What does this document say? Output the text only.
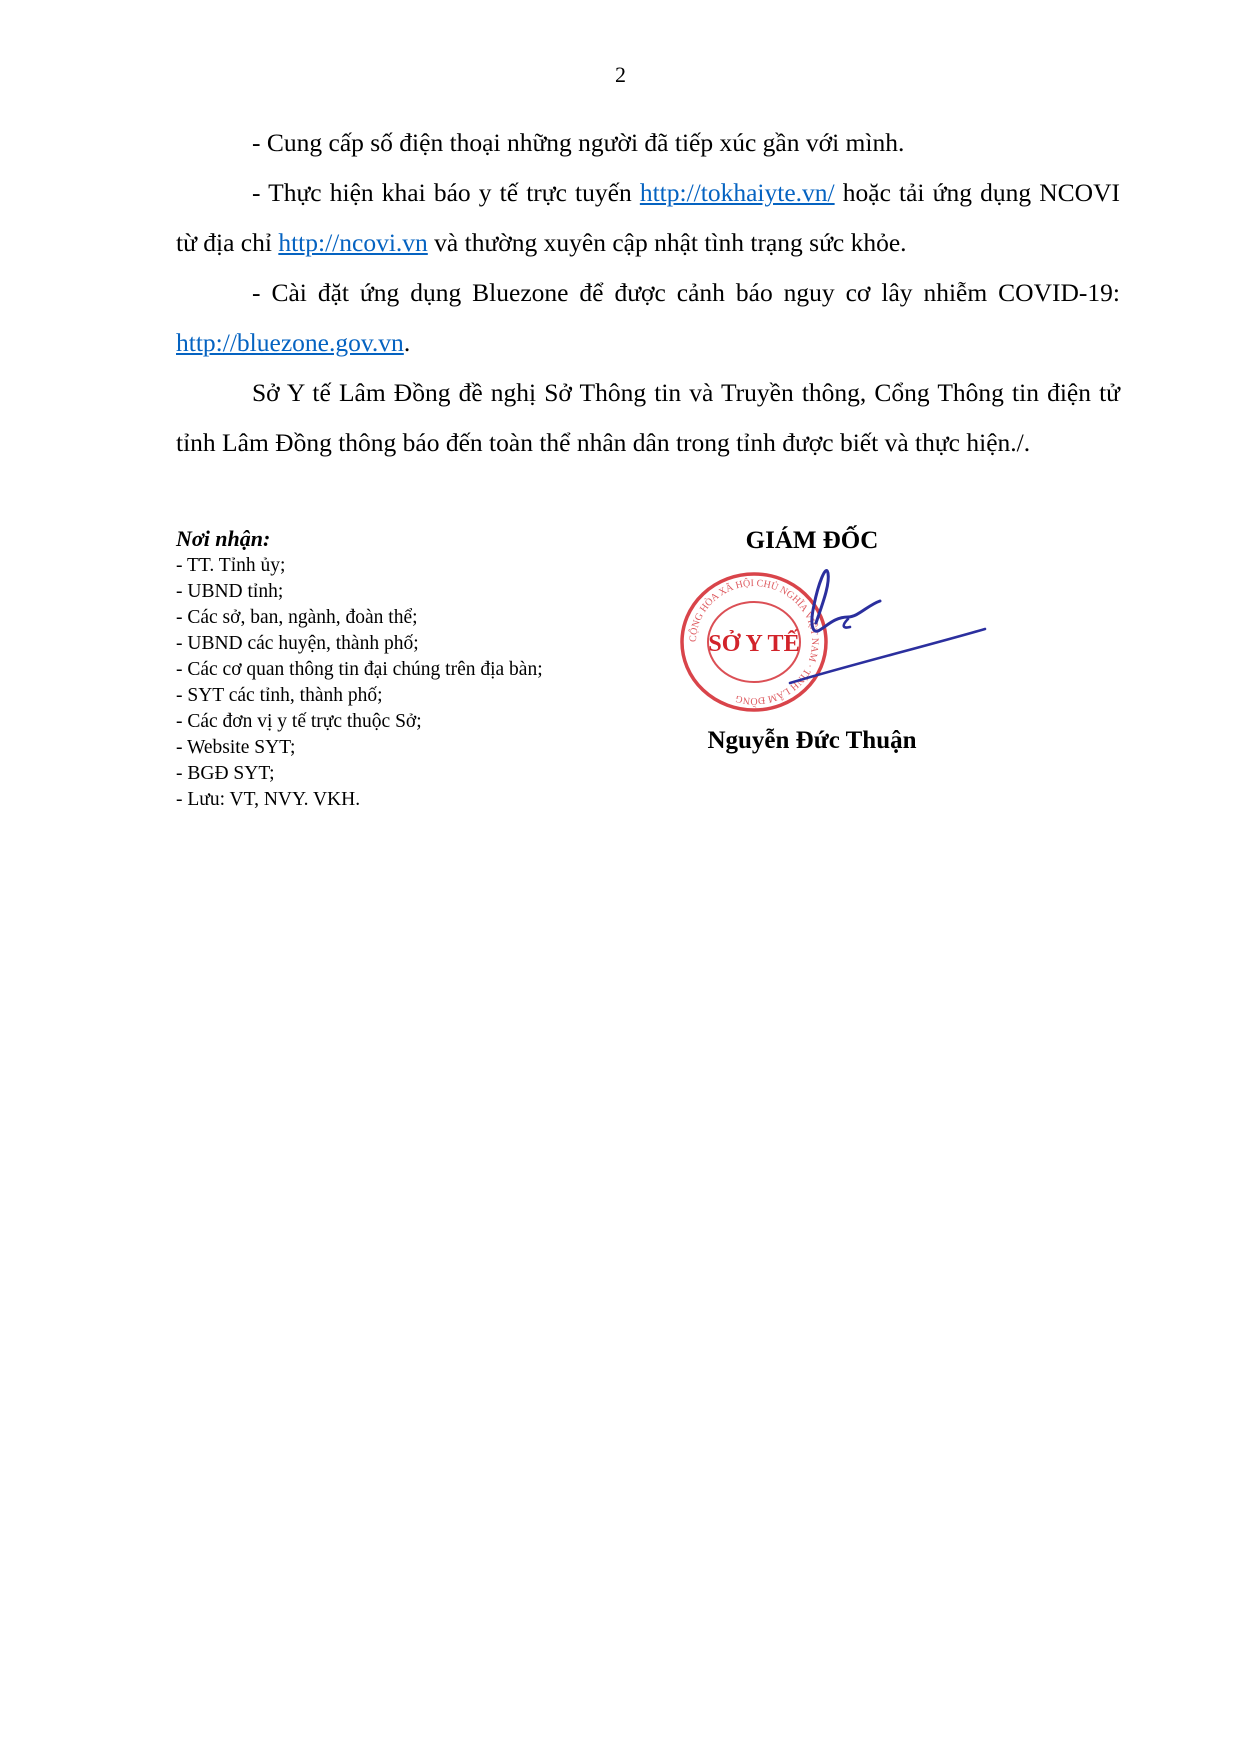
2

- Cung cấp số điện thoại những người đã tiếp xúc gần với mình.

- Thực hiện khai báo y tế trực tuyến http://tokhaiyte.vn/ hoặc tải ứng dụng NCOVI từ địa chỉ http://ncovi.vn và thường xuyên cập nhật tình trạng sức khỏe.

- Cài đặt ứng dụng Bluezone để được cảnh báo nguy cơ lây nhiễm COVID-19: http://bluezone.gov.vn.

Sở Y tế Lâm Đồng đề nghị Sở Thông tin và Truyền thông, Cổng Thông tin điện tử tỉnh Lâm Đồng thông báo đến toàn thể nhân dân trong tỉnh được biết và thực hiện./.

Nơi nhận:
- TT. Tỉnh ủy;
- UBND tỉnh;
- Các sở, ban, ngành, đoàn thể;
- UBND các huyện, thành phố;
- Các cơ quan thông tin đại chúng trên địa bàn;
- SYT các tỉnh, thành phố;
- Các đơn vị y tế trực thuộc Sở;
- Website SYT;
- BGĐ SYT;
- Lưu: VT, NVY. VKH.
GIÁM ĐỐC
CỘNG HÒA XÃ HỘI CHỦ NGHĨA VIỆT NAM · TỈNH LÂM ĐỒNG
SỞ Y TẾ
Nguyễn Đức Thuận
